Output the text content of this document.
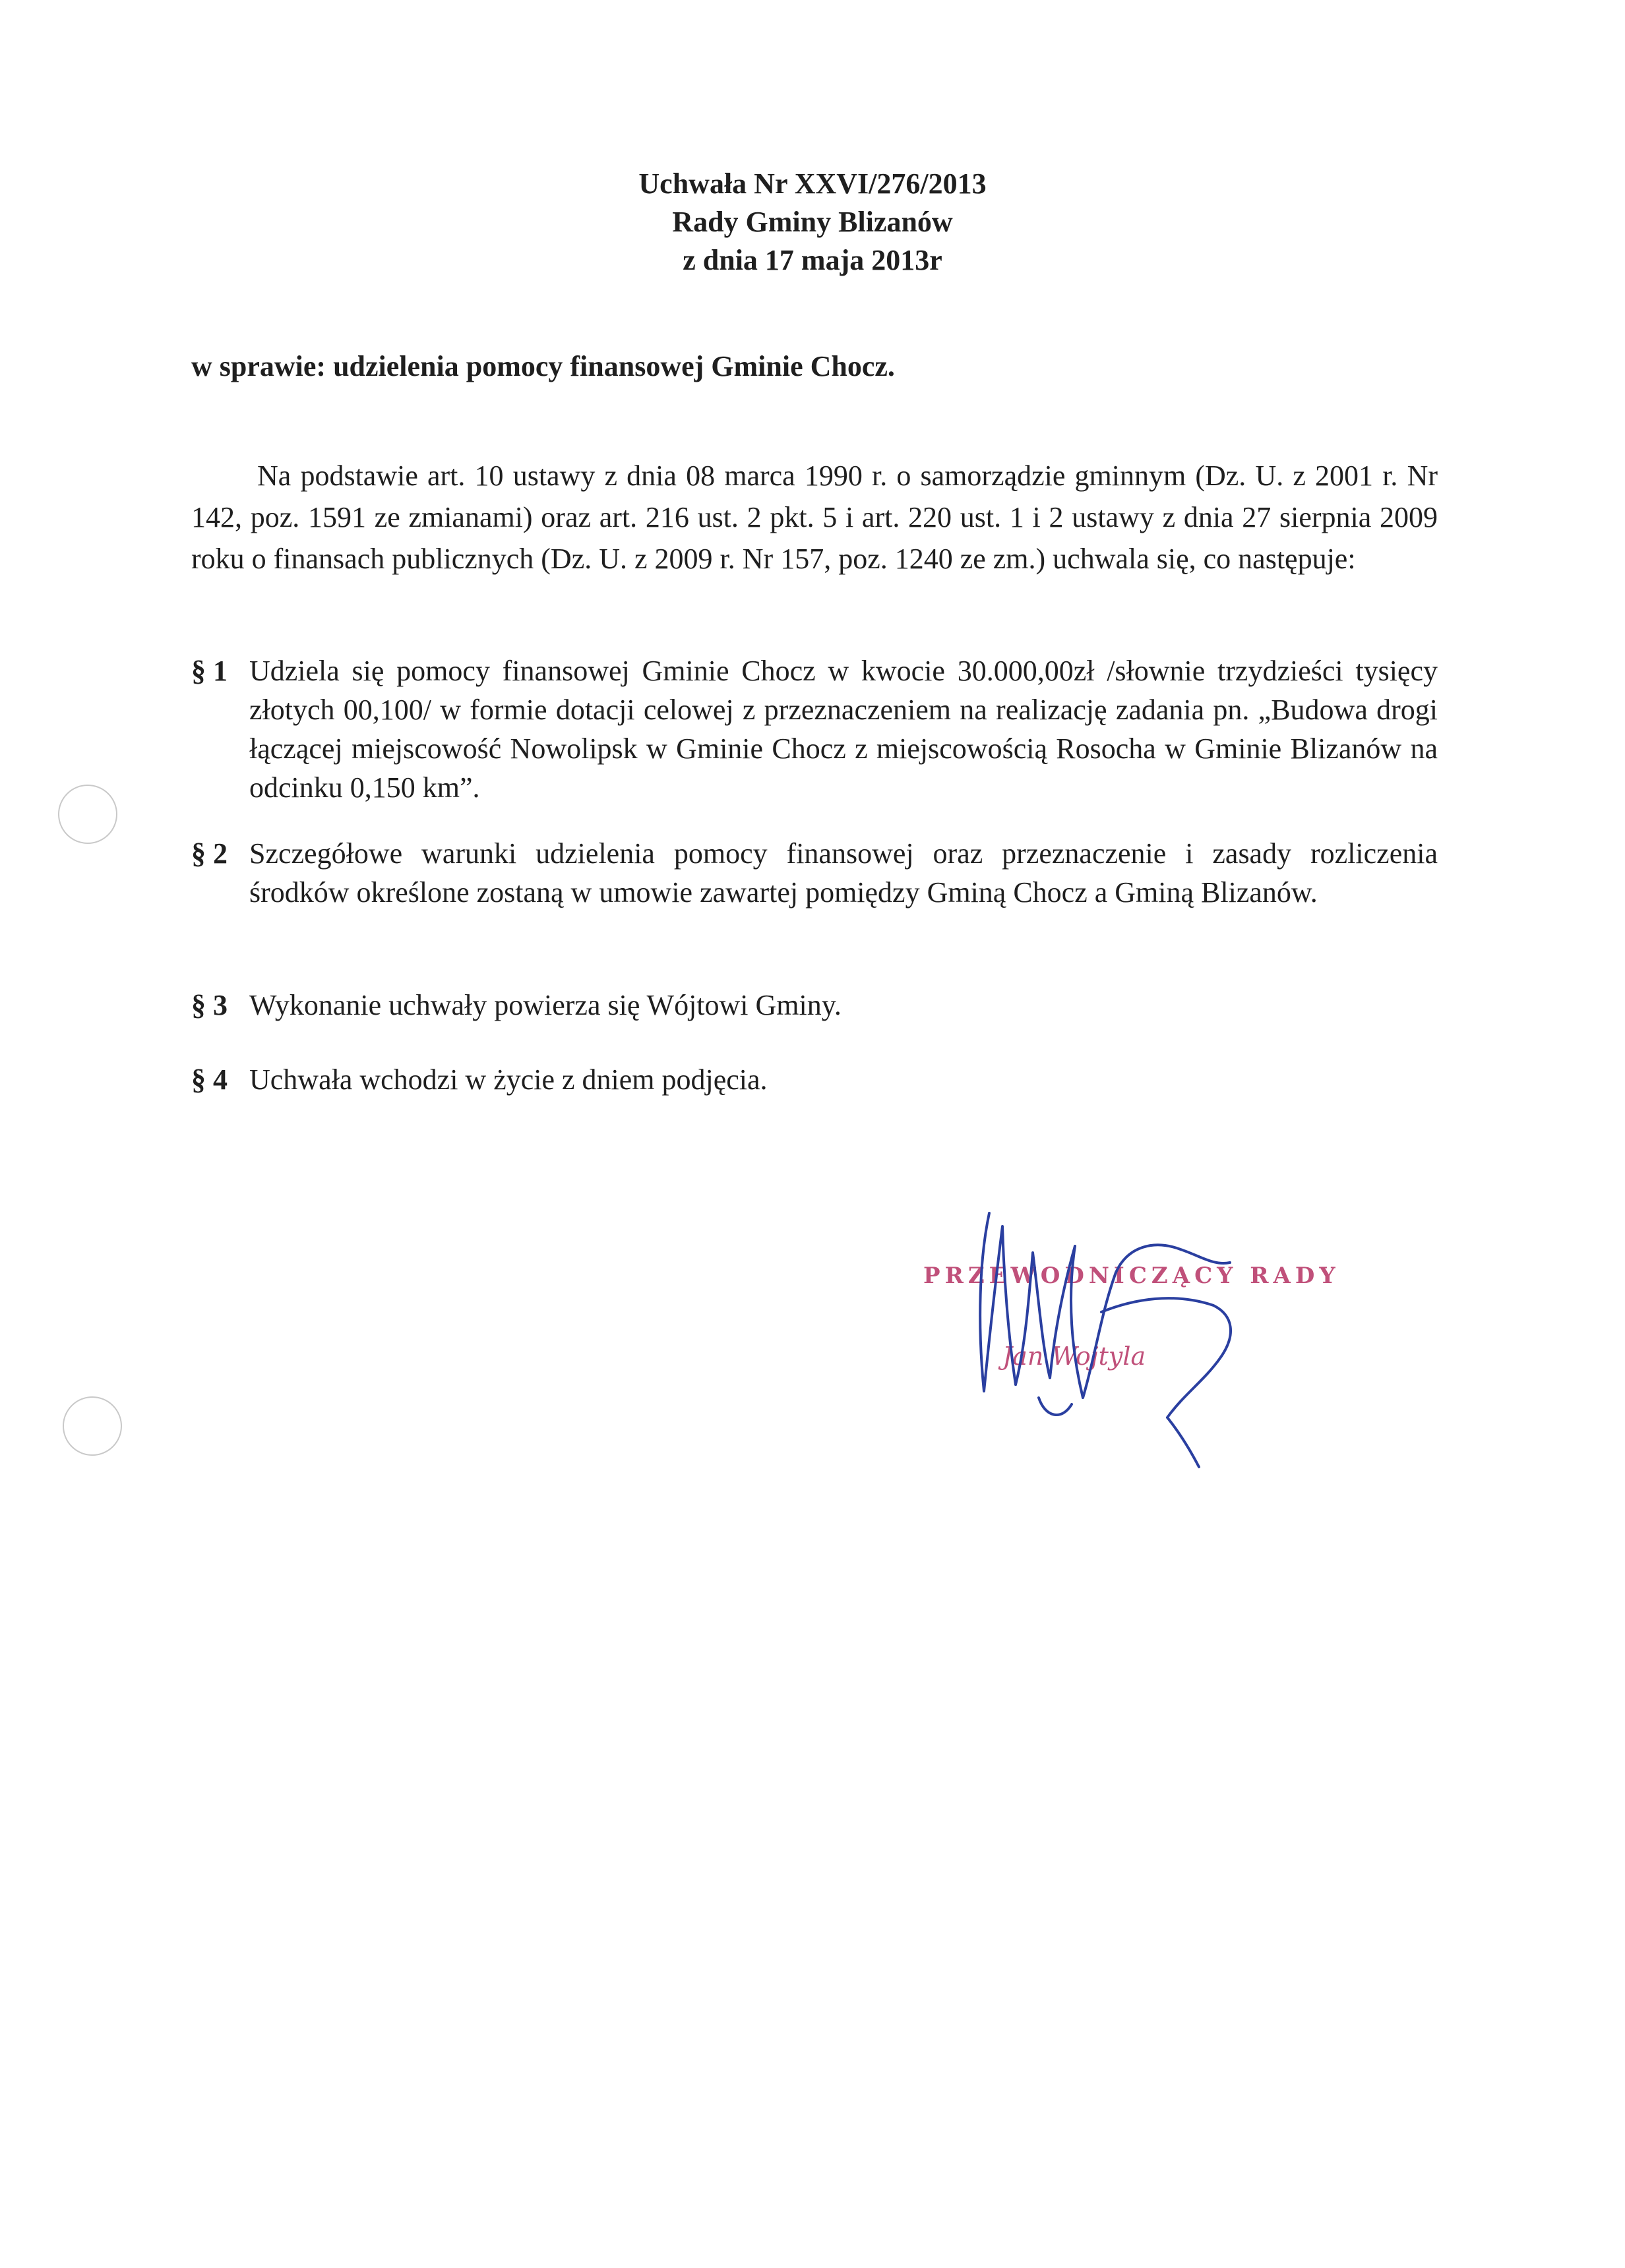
Uchwała Nr XXVI/276/2013
Rady Gminy Blizanów
z dnia 17 maja 2013r
w sprawie: udzielenia pomocy finansowej Gminie Chocz.
Na podstawie art. 10 ustawy z dnia 08 marca 1990 r. o samorządzie gminnym (Dz. U. z 2001 r. Nr 142, poz. 1591 ze zmianami) oraz art. 216 ust. 2 pkt. 5 i art. 220 ust. 1 i 2 ustawy z dnia 27 sierpnia 2009 roku o finansach publicznych (Dz. U. z 2009 r. Nr 157, poz. 1240 ze zm.) uchwala się, co następuje:
§ 1 Udziela się pomocy finansowej Gminie Chocz w kwocie 30.000,00zł /słownie trzydzieści tysięcy złotych 00,100/ w formie dotacji celowej z przeznaczeniem na realizację zadania pn. „Budowa drogi łączącej miejscowość Nowolipsk w Gminie Chocz z miejscowością Rosocha w Gminie Blizanów na odcinku 0,150 km”.
§ 2 Szczegółowe warunki udzielenia pomocy finansowej oraz przeznaczenie i zasady rozliczenia środków określone zostaną w umowie zawartej pomiędzy Gminą Chocz a Gminą Blizanów.
§ 3 Wykonanie uchwały powierza się Wójtowi Gminy.
§ 4 Uchwała wchodzi w życie z dniem podjęcia.
PRZEWODNICZĄCY RADY
Jan Wojtyla
